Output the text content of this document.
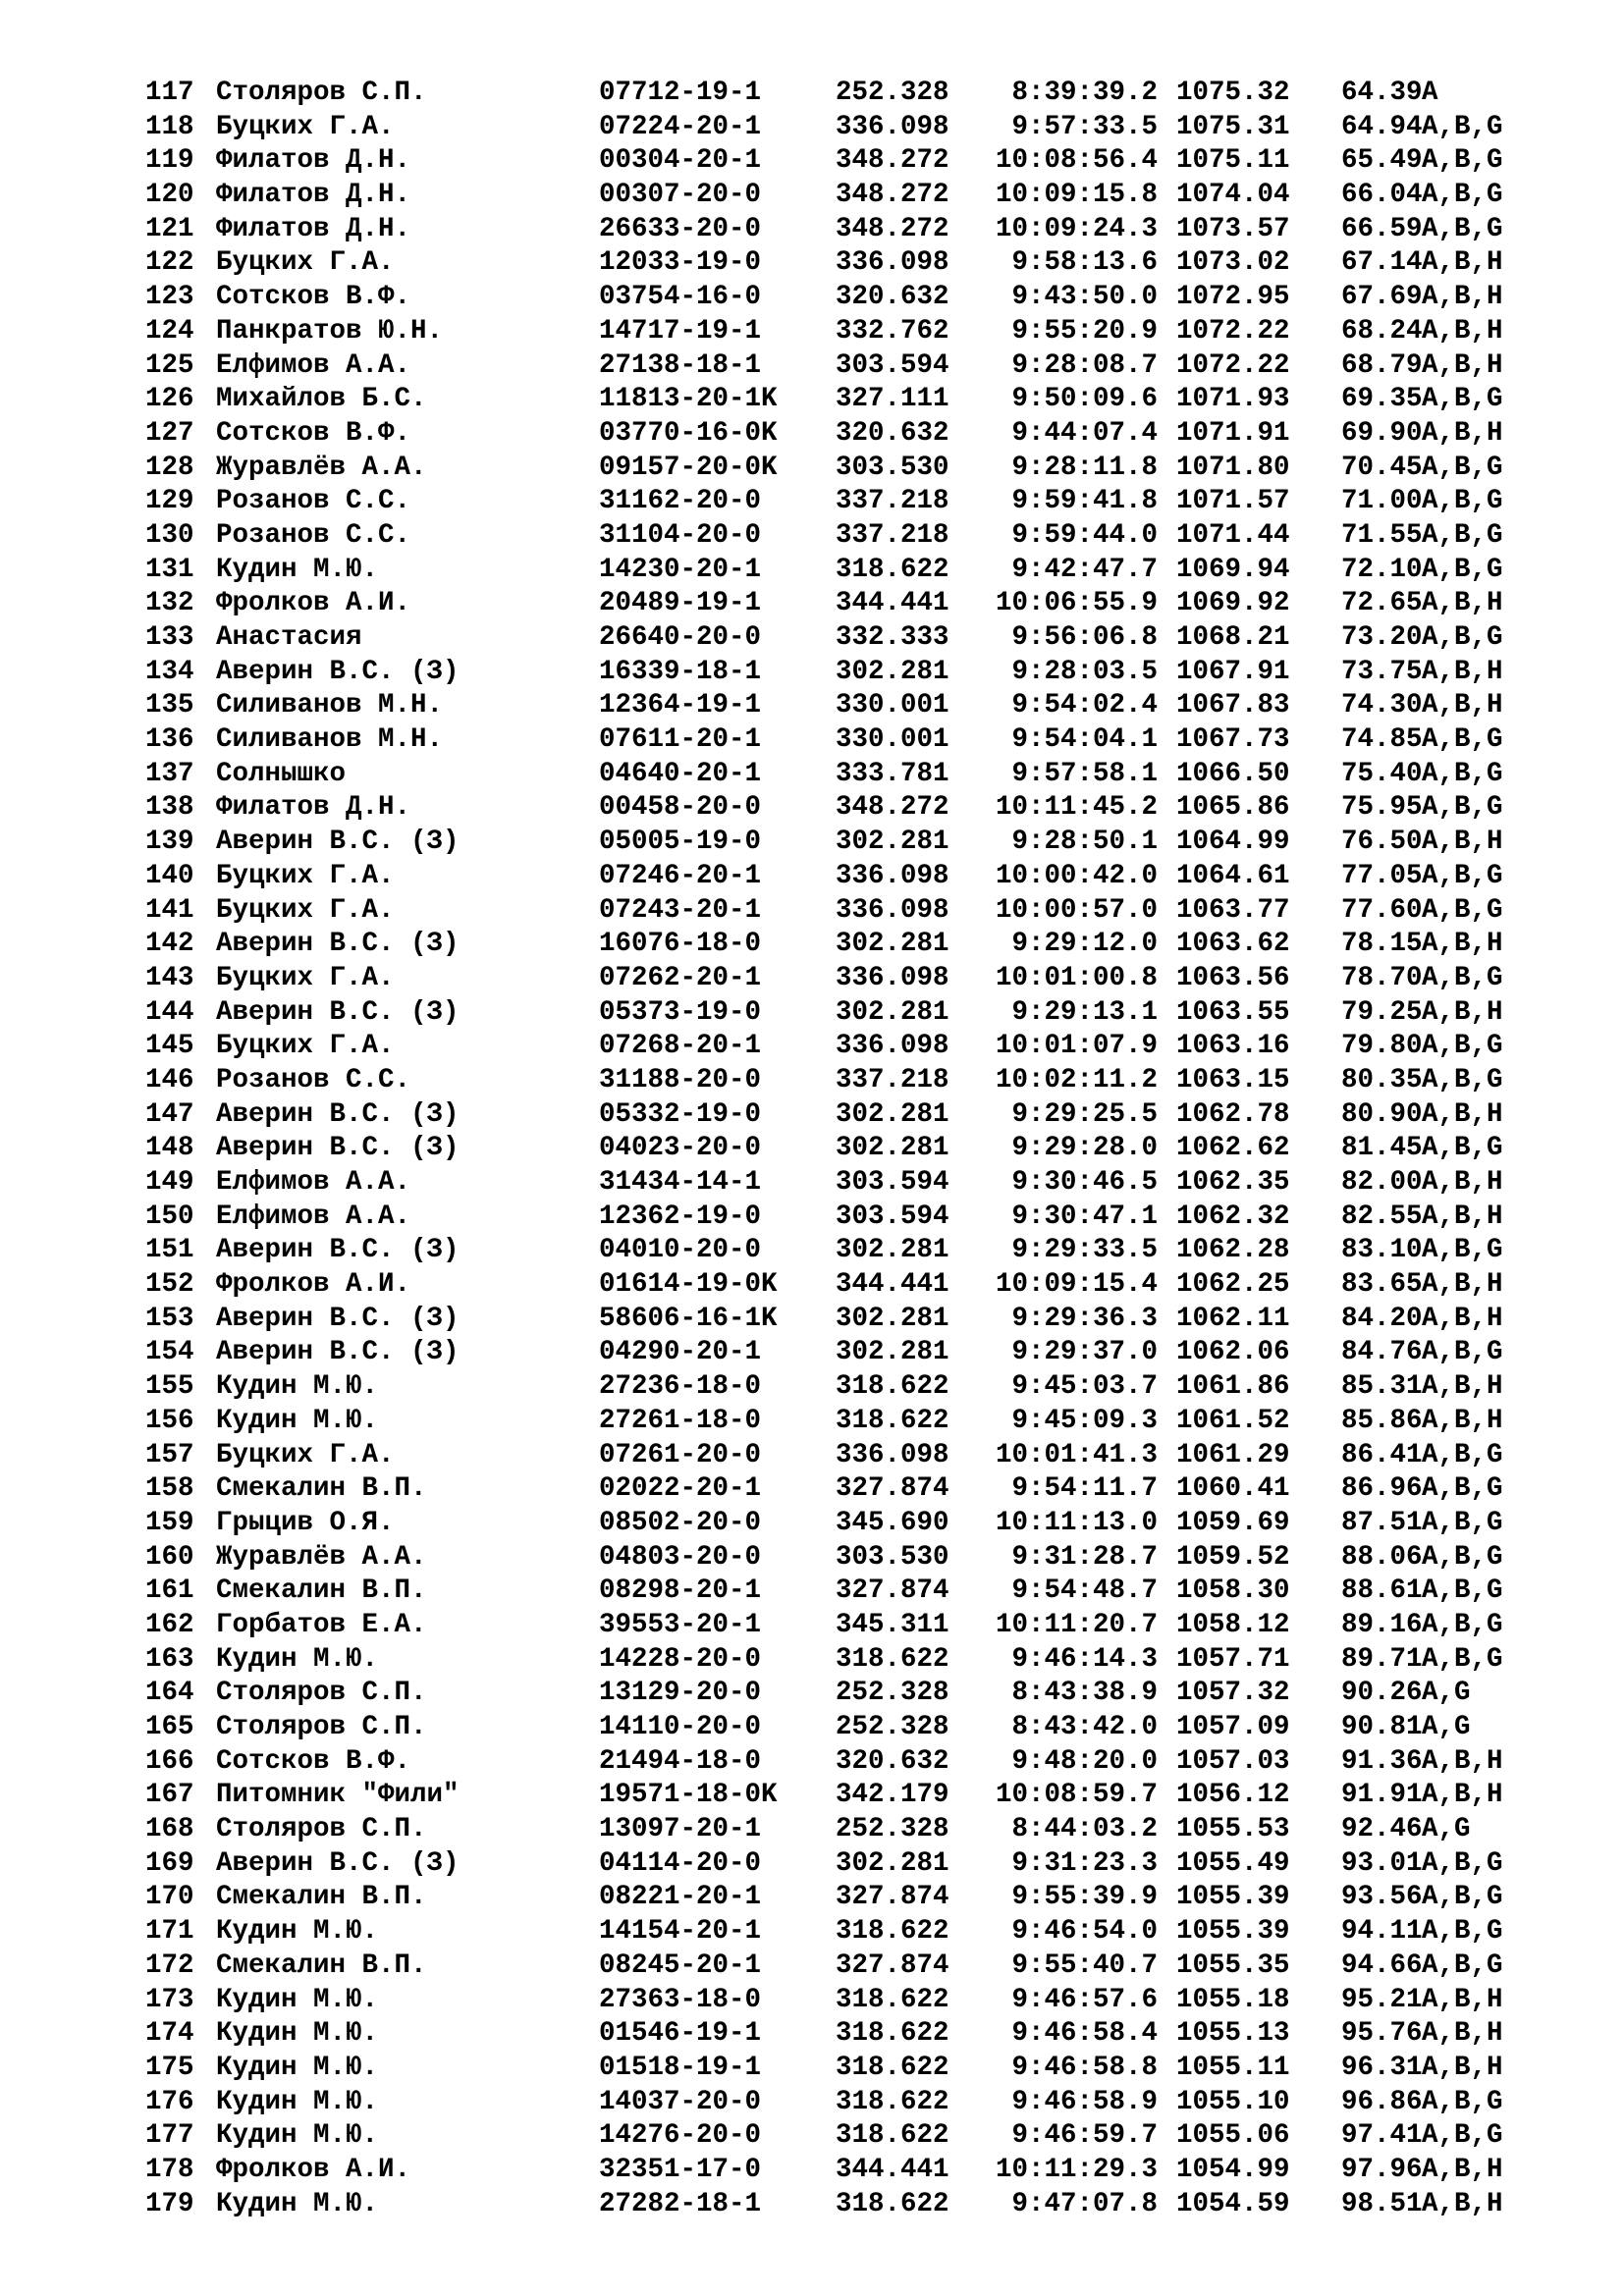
117 Столяров С.П.	07712-19-1	252.328	8:39:39.2 1075.32 64.39 A
118 Буцких Г.А.	07224-20-1	336.098	9:57:33.5 1075.31 64.94 A,B,G
119 Филатов Д.Н.	00304-20-1	348.272	10:08:56.4 1075.11 65.49 A,B,G
120 Филатов Д.Н.	00307-20-0	348.272	10:09:15.8 1074.04 66.04 A,B,G
121 Филатов Д.Н.	26633-20-0	348.272	10:09:24.3 1073.57 66.59 A,B,G
122 Буцких Г.А.	12033-19-0	336.098	9:58:13.6 1073.02 67.14 A,B,H
123 Сотсков В.Ф.	03754-16-0	320.632	9:43:50.0 1072.95 67.69 A,B,H
124 Панкратов Ю.Н.	14717-19-1	332.762	9:55:20.9 1072.22 68.24 A,B,H
125 Елфимов А.А.	27138-18-1	303.594	9:28:08.7 1072.22 68.79 A,B,H
126 Михайлов Б.С.	11813-20-1K 327.111	9:50:09.6 1071.93 69.35 A,B,G
127 Сотсков В.Ф.	03770-16-0K 320.632	9:44:07.4 1071.91 69.90 A,B,H
128 Журавлёв А.А.	09157-20-0K 303.530	9:28:11.8 1071.80 70.45 A,B,G
129 Розанов С.С.	31162-20-0	337.218	9:59:41.8 1071.57 71.00 A,B,G
130 Розанов С.С.	31104-20-0	337.218	9:59:44.0 1071.44 71.55 A,B,G
131 Кудин М.Ю.	14230-20-1	318.622	9:42:47.7 1069.94 72.10 A,B,G
132 Фролков А.И.	20489-19-1	344.441	10:06:55.9 1069.92 72.65 A,B,H
133 Анастасия	26640-20-0	332.333	9:56:06.8 1068.21 73.20 A,B,G
134 Аверин В.С. (З)	16339-18-1	302.281	9:28:03.5 1067.91 73.75 A,B,H
135 Силиванов М.Н.	12364-19-1	330.001	9:54:02.4 1067.83 74.30 A,B,H
136 Силиванов М.Н.	07611-20-1	330.001	9:54:04.1 1067.73 74.85 A,B,G
137 Солнышко	04640-20-1	333.781	9:57:58.1 1066.50 75.40 A,B,G
138 Филатов Д.Н.	00458-20-0	348.272	10:11:45.2 1065.86 75.95 A,B,G
139 Аверин В.С. (З)	05005-19-0	302.281	9:28:50.1 1064.99 76.50 A,B,H
140 Буцких Г.А.	07246-20-1	336.098	10:00:42.0 1064.61 77.05 A,B,G
141 Буцких Г.А.	07243-20-1	336.098	10:00:57.0 1063.77 77.60 A,B,G
142 Аверин В.С. (З)	16076-18-0	302.281	9:29:12.0 1063.62 78.15 A,B,H
143 Буцких Г.А.	07262-20-1	336.098	10:01:00.8 1063.56 78.70 A,B,G
144 Аверин В.С. (З)	05373-19-0	302.281	9:29:13.1 1063.55 79.25 A,B,H
145 Буцких Г.А.	07268-20-1	336.098	10:01:07.9 1063.16 79.80 A,B,G
146 Розанов С.С.	31188-20-0	337.218	10:02:11.2 1063.15 80.35 A,B,G
147 Аверин В.С. (З)	05332-19-0	302.281	9:29:25.5 1062.78 80.90 A,B,H
148 Аверин В.С. (З)	04023-20-0	302.281	9:29:28.0 1062.62 81.45 A,B,G
149 Елфимов А.А.	31434-14-1	303.594	9:30:46.5 1062.35 82.00 A,B,H
150 Елфимов А.А.	12362-19-0	303.594	9:30:47.1 1062.32 82.55 A,B,H
151 Аверин В.С. (З)	04010-20-0	302.281	9:29:33.5 1062.28 83.10 A,B,G
152 Фролков А.И.	01614-19-0K 344.441	10:09:15.4 1062.25 83.65 A,B,H
153 Аверин В.С. (З)	58606-16-1K 302.281	9:29:36.3 1062.11 84.20 A,B,H
154 Аверин В.С. (З)	04290-20-1	302.281	9:29:37.0 1062.06 84.76 A,B,G
155 Кудин М.Ю.	27236-18-0	318.622	9:45:03.7 1061.86 85.31 A,B,H
156 Кудин М.Ю.	27261-18-0	318.622	9:45:09.3 1061.52 85.86 A,B,H
157 Буцких Г.А.	07261-20-0	336.098	10:01:41.3 1061.29 86.41 A,B,G
158 Смекалин В.П.	02022-20-1	327.874	9:54:11.7 1060.41 86.96 A,B,G
159 Грыцив О.Я.	08502-20-0	345.690	10:11:13.0 1059.69 87.51 A,B,G
160 Журавлёв А.А.	04803-20-0	303.530	9:31:28.7 1059.52 88.06 A,B,G
161 Смекалин В.П.	08298-20-1	327.874	9:54:48.7 1058.30 88.61 A,B,G
162 Горбатов Е.А.	39553-20-1	345.311	10:11:20.7 1058.12 89.16 A,B,G
163 Кудин М.Ю.	14228-20-0	318.622	9:46:14.3 1057.71 89.71 A,B,G
164 Столяров С.П.	13129-20-0	252.328	8:43:38.9 1057.32 90.26 A,G
165 Столяров С.П.	14110-20-0	252.328	8:43:42.0 1057.09 90.81 A,G
166 Сотсков В.Ф.	21494-18-0	320.632	9:48:20.0 1057.03 91.36 A,B,H
167 Питомник "Фили"	19571-18-0K 342.179	10:08:59.7 1056.12 91.91 A,B,H
168 Столяров С.П.	13097-20-1	252.328	8:44:03.2 1055.53 92.46 A,G
169 Аверин В.С. (З)	04114-20-0	302.281	9:31:23.3 1055.49 93.01 A,B,G
170 Смекалин В.П.	08221-20-1	327.874	9:55:39.9 1055.39 93.56 A,B,G
171 Кудин М.Ю.	14154-20-1	318.622	9:46:54.0 1055.39 94.11 A,B,G
172 Смекалин В.П.	08245-20-1	327.874	9:55:40.7 1055.35 94.66 A,B,G
173 Кудин М.Ю.	27363-18-0	318.622	9:46:57.6 1055.18 95.21 A,B,H
174 Кудин М.Ю.	01546-19-1	318.622	9:46:58.4 1055.13 95.76 A,B,H
175 Кудин М.Ю.	01518-19-1	318.622	9:46:58.8 1055.11 96.31 A,B,H
176 Кудин М.Ю.	14037-20-0	318.622	9:46:58.9 1055.10 96.86 A,B,G
177 Кудин М.Ю.	14276-20-0	318.622	9:46:59.7 1055.06 97.41 A,B,G
178 Фролков А.И.	32351-17-0	344.441	10:11:29.3 1054.99 97.96 A,B,H
179 Кудин М.Ю.	27282-18-1	318.622	9:47:07.8 1054.59 98.51 A,B,H
